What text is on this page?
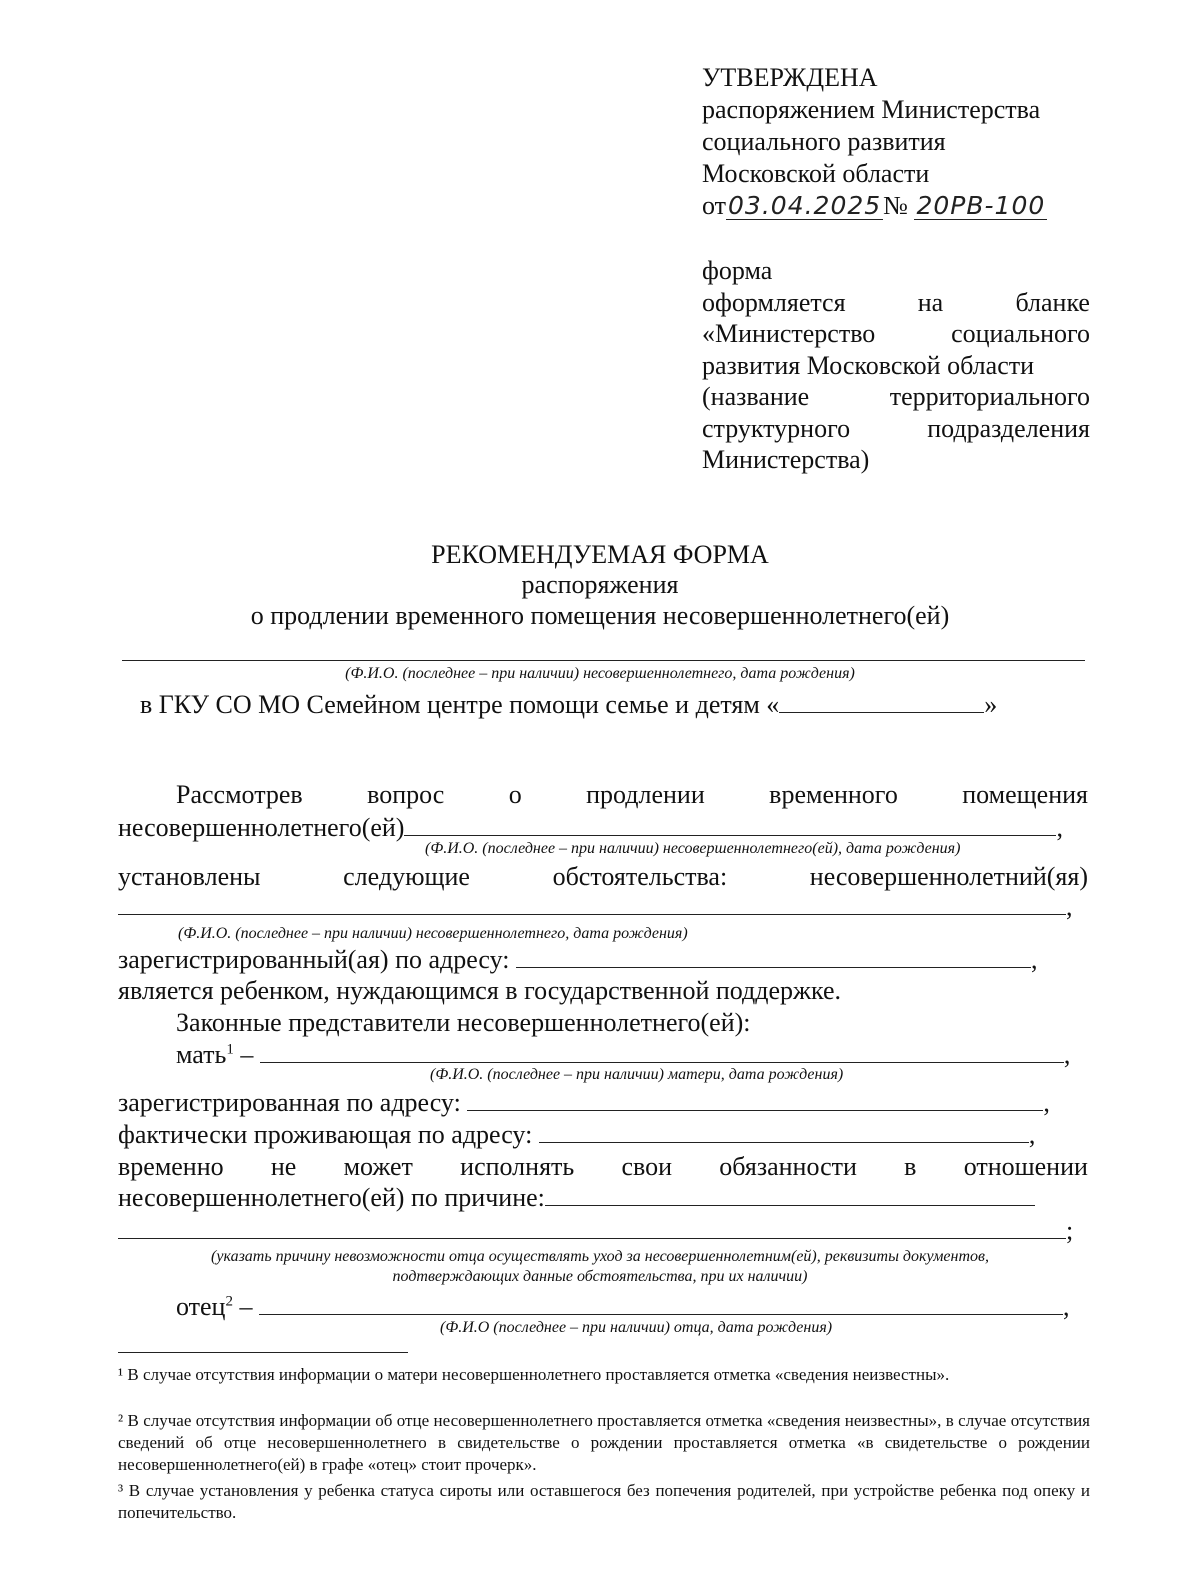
УТВЕРЖДЕНА
распоряжением Министерства
социального развития
Московской области
от03.04.2025№ 20РВ-100
форма
оформляется	на	бланке
«Министерство	социального
развития Московской области
(название	территориального
структурного	подразделения
Министерства)
РЕКОМЕНДУЕМАЯ ФОРМА
распоряжения
о продлении временного помещения несовершеннолетнего(ей)
(Ф.И.О. (последнее – при наличии) несовершеннолетнего, дата рождения)
в ГКУ СО МО Семейном центре помощи семье и детям «	»
Рассмотрев вопрос о продлении временного помещения
несовершеннолетнего(ей)	,
(Ф.И.О. (последнее – при наличии) несовершеннолетнего(ей), дата рождения)
установлены	следующие	обстоятельства:	несовершеннолетний(яя)
,
(Ф.И.О. (последнее – при наличии) несовершеннолетнего, дата рождения)
зарегистрированный(ая) по адресу:	,
является ребенком, нуждающимся в государственной поддержке.
Законные представители несовершеннолетнего(ей):
мать$^1$ –	,
(Ф.И.О. (последнее – при наличии) матери, дата рождения)
зарегистрированная по адресу:	,
фактически проживающая по адресу:	,
временно не может исполнять свои обязанности в отношении
несовершеннолетнего(ей) по причине:
;
(указать причину невозможности отца осуществлять уход за несовершеннолетним(ей), реквизиты документов,
подтверждающих данные обстоятельства, при их наличии)
отец$^2$ –	,
(Ф.И.О (последнее – при наличии) отца, дата рождения)
¹ В случае отсутствия информации о матери несовершеннолетнего проставляется отметка «сведения неизвестны».
² В случае отсутствия информации об отце несовершеннолетнего проставляется отметка «сведения неизвестны», в случае отсутствия сведений об отце несовершеннолетнего в свидетельстве о рождении проставляется отметка «в свидетельстве о рождении несовершеннолетнего(ей) в графе «отец» стоит прочерк».
³ В случае установления у ребенка статуса сироты или оставшегося без попечения родителей, при устройстве ребенка под опеку и попечительство.
